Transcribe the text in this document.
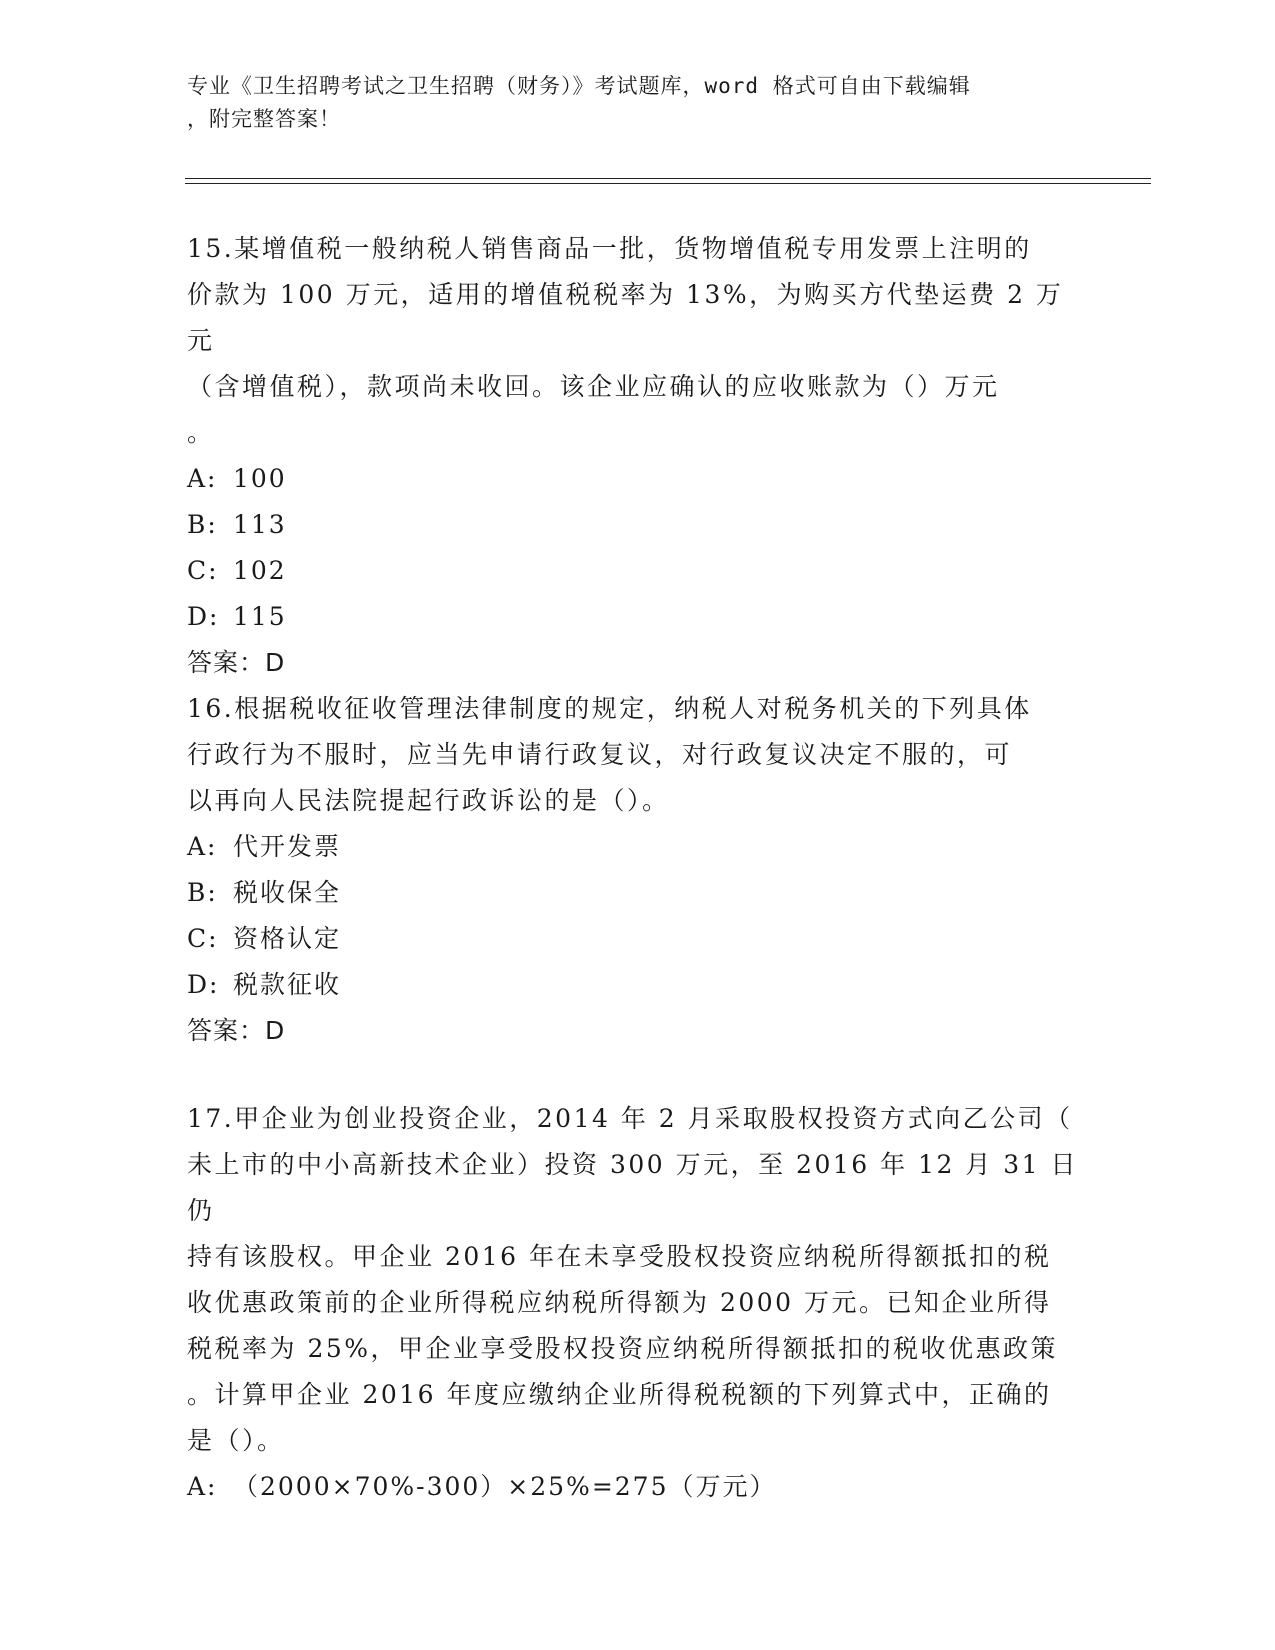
专业《卫生招聘考试之卫生招聘（财务）》考试题库，word 格式可自由下载编辑
，附完整答案！
15.某增值税一般纳税人销售商品一批，货物增值税专用发票上注明的
价款为 100 万元，适用的增值税税率为 13%，为购买方代垫运费 2 万元
（含增值税），款项尚未收回。该企业应确认的应收账款为（）万元
。
A: 100
B: 113
C: 102
D: 115
答案：D
16.根据税收征收管理法律制度的规定，纳税人对税务机关的下列具体
行政行为不服时，应当先申请行政复议，对行政复议决定不服的，可
以再向人民法院提起行政诉讼的是（）。
A: 代开发票
B: 税收保全
C: 资格认定
D: 税款征收
答案：D
17.甲企业为创业投资企业，2014 年 2 月采取股权投资方式向乙公司（
未上市的中小高新技术企业）投资 300 万元，至 2016 年 12 月 31 日仍
持有该股权。甲企业 2016 年在未享受股权投资应纳税所得额抵扣的税
收优惠政策前的企业所得税应纳税所得额为 2000 万元。已知企业所得
税税率为 25%，甲企业享受股权投资应纳税所得额抵扣的税收优惠政策
。计算甲企业 2016 年度应缴纳企业所得税税额的下列算式中，正确的
是（）。
A: （2000×70%-300）×25%=275（万元）
